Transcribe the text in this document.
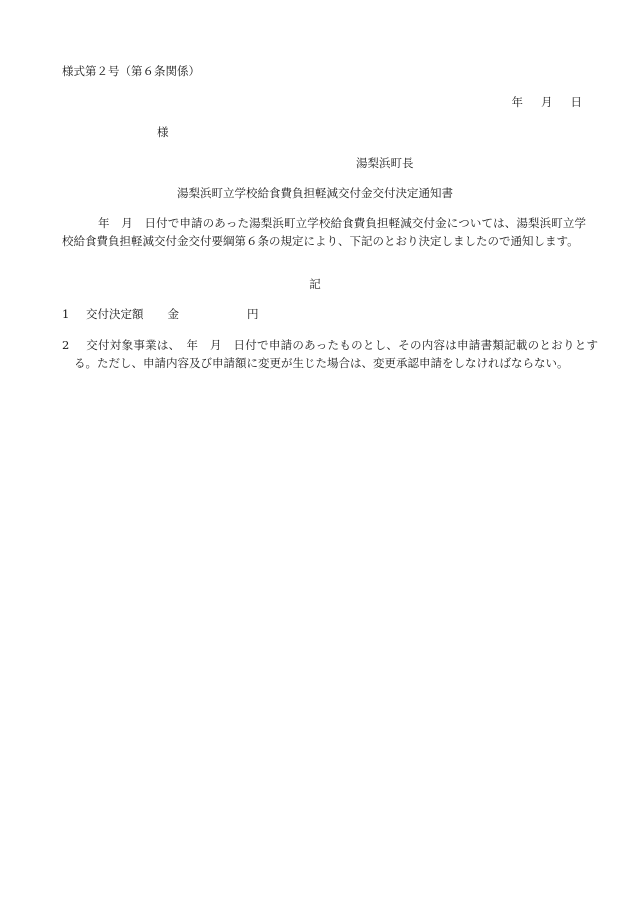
様式第２号（第６条関係）
年 月 日
様
湯梨浜町長
湯梨浜町立学校給食費負担軽減交付金交付決定通知書
年　月　日付で申請のあった湯梨浜町立学校給食費負担軽減交付金については、湯梨浜町立学校給食費負担軽減交付金交付要綱第６条の規定により、下記のとおり決定しましたので通知します。
記
1 交付決定額 金	円
2 交付対象事業は、　年　月　日付で申請のあったものとし、その内容は申請書類記載のとおりとする。ただし、申請内容及び申請額に変更が生じた場合は、変更承認申請をしなければならない。
